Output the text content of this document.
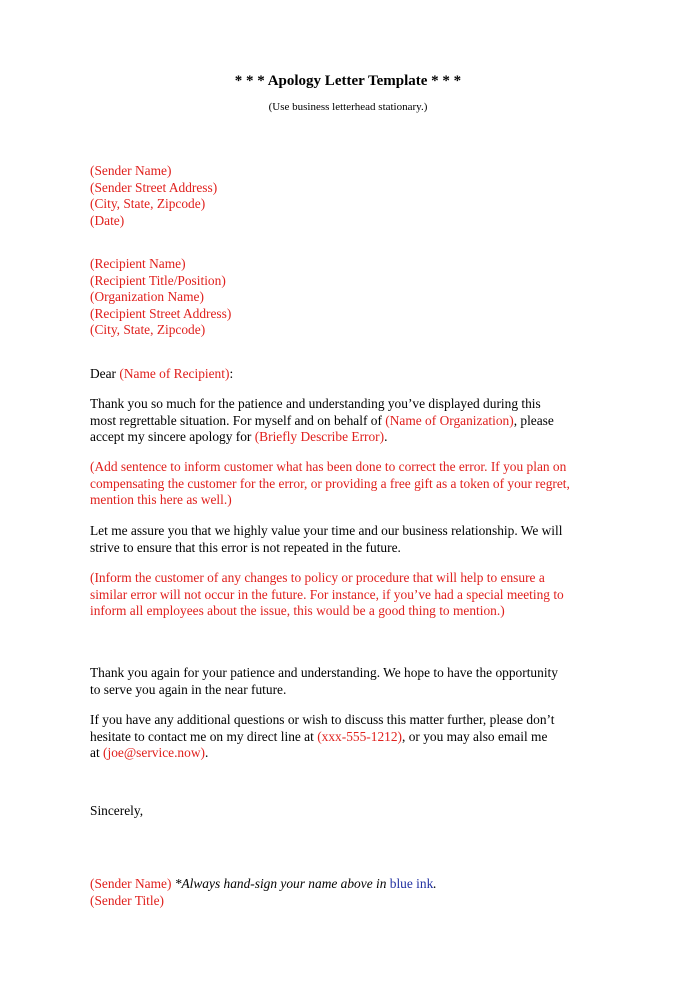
* * * Apology Letter Template * * *
(Use business letterhead stationary.)
(Sender Name)
(Sender Street Address)
(City, State, Zipcode)
(Date)
(Recipient Name)
(Recipient Title/Position)
(Organization Name)
(Recipient Street Address)
(City, State, Zipcode)
Dear (Name of Recipient):
Thank you so much for the patience and understanding you’ve displayed during this
most regrettable situation. For myself and on behalf of (Name of Organization), please
accept my sincere apology for (Briefly Describe Error).
(Add sentence to inform customer what has been done to correct the error. If you plan on
compensating the customer for the error, or providing a free gift as a token of your regret,
mention this here as well.)
Let me assure you that we highly value your time and our business relationship. We will
strive to ensure that this error is not repeated in the future.
(Inform the customer of any changes to policy or procedure that will help to ensure a
similar error will not occur in the future. For instance, if you’ve had a special meeting to
inform all employees about the issue, this would be a good thing to mention.)
Thank you again for your patience and understanding. We hope to have the opportunity
to serve you again in the near future.
If you have any additional questions or wish to discuss this matter further, please don’t
hesitate to contact me on my direct line at (xxx-555-1212), or you may also email me
at (joe@service.now).
Sincerely,
(Sender Name) *Always hand-sign your name above in blue ink.
(Sender Title)
